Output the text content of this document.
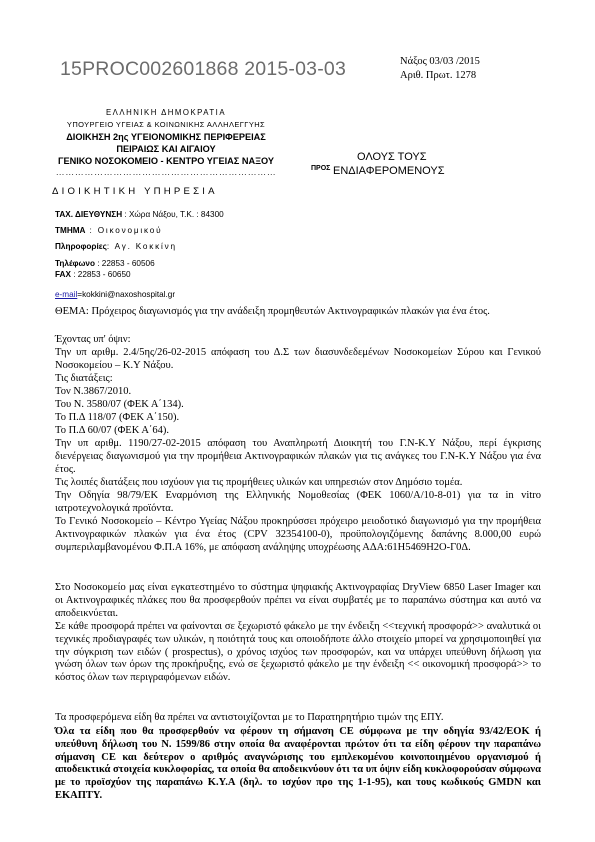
15PROC002601868 2015-03-03	Νάξος 03/03 /2015
Αριθ. Πρωτ. 1278
ΕΛΛΗΝΙΚΗ ΔΗΜΟΚΡΑΤΙΑ
ΥΠΟΥΡΓΕΙΟ ΥΓΕΙΑΣ & ΚΟΙΝΩΝΙΚΗΣ ΑΛΛΗΛΕΓΓΥΗΣ
ΔΙΟΙΚΗΣΗ 2ης ΥΓΕΙΟΝΟΜΙΚΗΣ ΠΕΡΙΦΕΡΕΙΑΣ
ΠΕΙΡΑΙΩΣ ΚΑΙ ΑΙΓΑΙΟΥ
ΓΕΝΙΚΟ ΝΟΣΟΚΟΜΕΙΟ - ΚΕΝΤΡΟ ΥΓΕΙΑΣ ΝΑΞΟΥ
……………………………………………………………
ΟΛΟΥΣ ΤΟΥΣ
ΕΝΔΙΑΦΕΡΟΜΕΝΟΥΣ
ΠΡΟΣ
ΔΙΟΙΚΗΤΙΚΗ ΥΠΗΡΕΣΙΑ
ΤΑΧ. ΔΙΕΥΘΥΝΣΗ : Χώρα Νάξου, Τ.Κ. : 84300
ΤΜΗΜΑ : Οικονομικού
Πληροφορίες: Αγ. Κοκκίνη
Τηλέφωνο : 22853 - 60506
FAX : 22853 - 60650
e-mail=kokkini@naxoshospital.gr
ΘΕΜΑ: Πρόχειρος διαγωνισμός για την ανάδειξη προμηθευτών Ακτινογραφικών πλακών για ένα έτος.
Έχοντας υπ' όψιν:
Την υπ αριθμ. 2.4/5ης/26-02-2015 απόφαση του Δ.Σ των διασυνδεδεμένων Νοσοκομείων Σύρου και Γενικού Νοσοκομείου – Κ.Υ Νάξου.
Τις διατάξεις:
Τον Ν.3867/2010.
Του Ν. 3580/07 (ΦΕΚ Α΄134).
Το Π.Δ 118/07 (ΦΕΚ Α΄150).
Το Π.Δ 60/07 (ΦΕΚ Α΄64).
Την υπ αριθμ. 1190/27-02-2015 απόφαση του Αναπληρωτή Διοικητή του Γ.Ν-Κ.Υ Νάξου, περί έγκρισης διενέργειας διαγωνισμού για την προμήθεια Ακτινογραφικών πλακών για τις ανάγκες του Γ.Ν-Κ.Υ Νάξου για ένα έτος.
Τις λοιπές διατάξεις που ισχύουν για τις προμήθειες υλικών και υπηρεσιών στον Δημόσιο τομέα.
Την Οδηγία 98/79/ΕΚ Εναρμόνιση της Ελληνικής Νομοθεσίας (ΦΕΚ 1060/Α/10-8-01) για τα in vitro ιατροτεχνολογικά προϊόντα.
Το Γενικό Νοσοκομείο – Κέντρο Υγείας Νάξου προκηρύσσει πρόχειρο μειοδοτικό διαγωνισμό για την προμήθεια Ακτινογραφικών πλακών για ένα έτος (CPV 32354100-0), προϋπολογιζόμενης δαπάνης 8.000,00 ευρώ συμπεριλαμβανομένου Φ.Π.Α 16%, με απόφαση ανάληψης υποχρέωσης ΑΔΑ:61Η5469Η2Ο-Γ0Δ.
Στο Νοσοκομείο μας είναι εγκατεστημένο το σύστημα ψηφιακής Ακτινογραφίας DryView 6850 Laser Imager και οι Ακτινογραφικές πλάκες που θα προσφερθούν πρέπει να είναι συμβατές με το παραπάνω σύστημα και αυτό να αποδεικνύεται.
Σε κάθε προσφορά πρέπει να φαίνονται σε ξεχωριστό φάκελο με την ένδειξη <<τεχνική προσφορά>> αναλυτικά οι τεχνικές προδιαγραφές των υλικών, η ποιότητά τους και οποιοδήποτε άλλο στοιχείο μπορεί να χρησιμοποιηθεί για την σύγκριση των ειδών ( prospectus), ο χρόνος ισχύος των προσφορών, και να υπάρχει υπεύθυνη δήλωση για γνώση όλων των όρων της προκήρυξης, ενώ σε ξεχωριστό φάκελο με την ένδειξη << οικονομική προσφορά>> το κόστος όλων των περιγραφόμενων ειδών.
Τα προσφερόμενα είδη θα πρέπει να αντιστοιχίζονται με το Παρατηρητήριο τιμών της ΕΠΥ.
Όλα τα είδη που θα προσφερθούν να φέρουν τη σήμανση CE σύμφωνα με την οδηγία 93/42/ΕΟΚ ή υπεύθυνη δήλωση του Ν. 1599/86 στην οποία θα αναφέρονται πρώτον ότι τα είδη φέρουν την παραπάνω σήμανση CE και δεύτερον ο αριθμός αναγνώρισης του εμπλεκομένου κοινοποιημένου οργανισμού ή αποδεικτικά στοιχεία κυκλοφορίας, τα οποία θα αποδεικνύουν ότι τα υπ όψιν είδη κυκλοφορούσαν σύμφωνα με το προϊσχύον της παραπάνω Κ.Υ.Α (δηλ. το ισχύον προ της 1-1-95), και τους κωδικούς GMDN και ΕΚΑΠΤΥ.
